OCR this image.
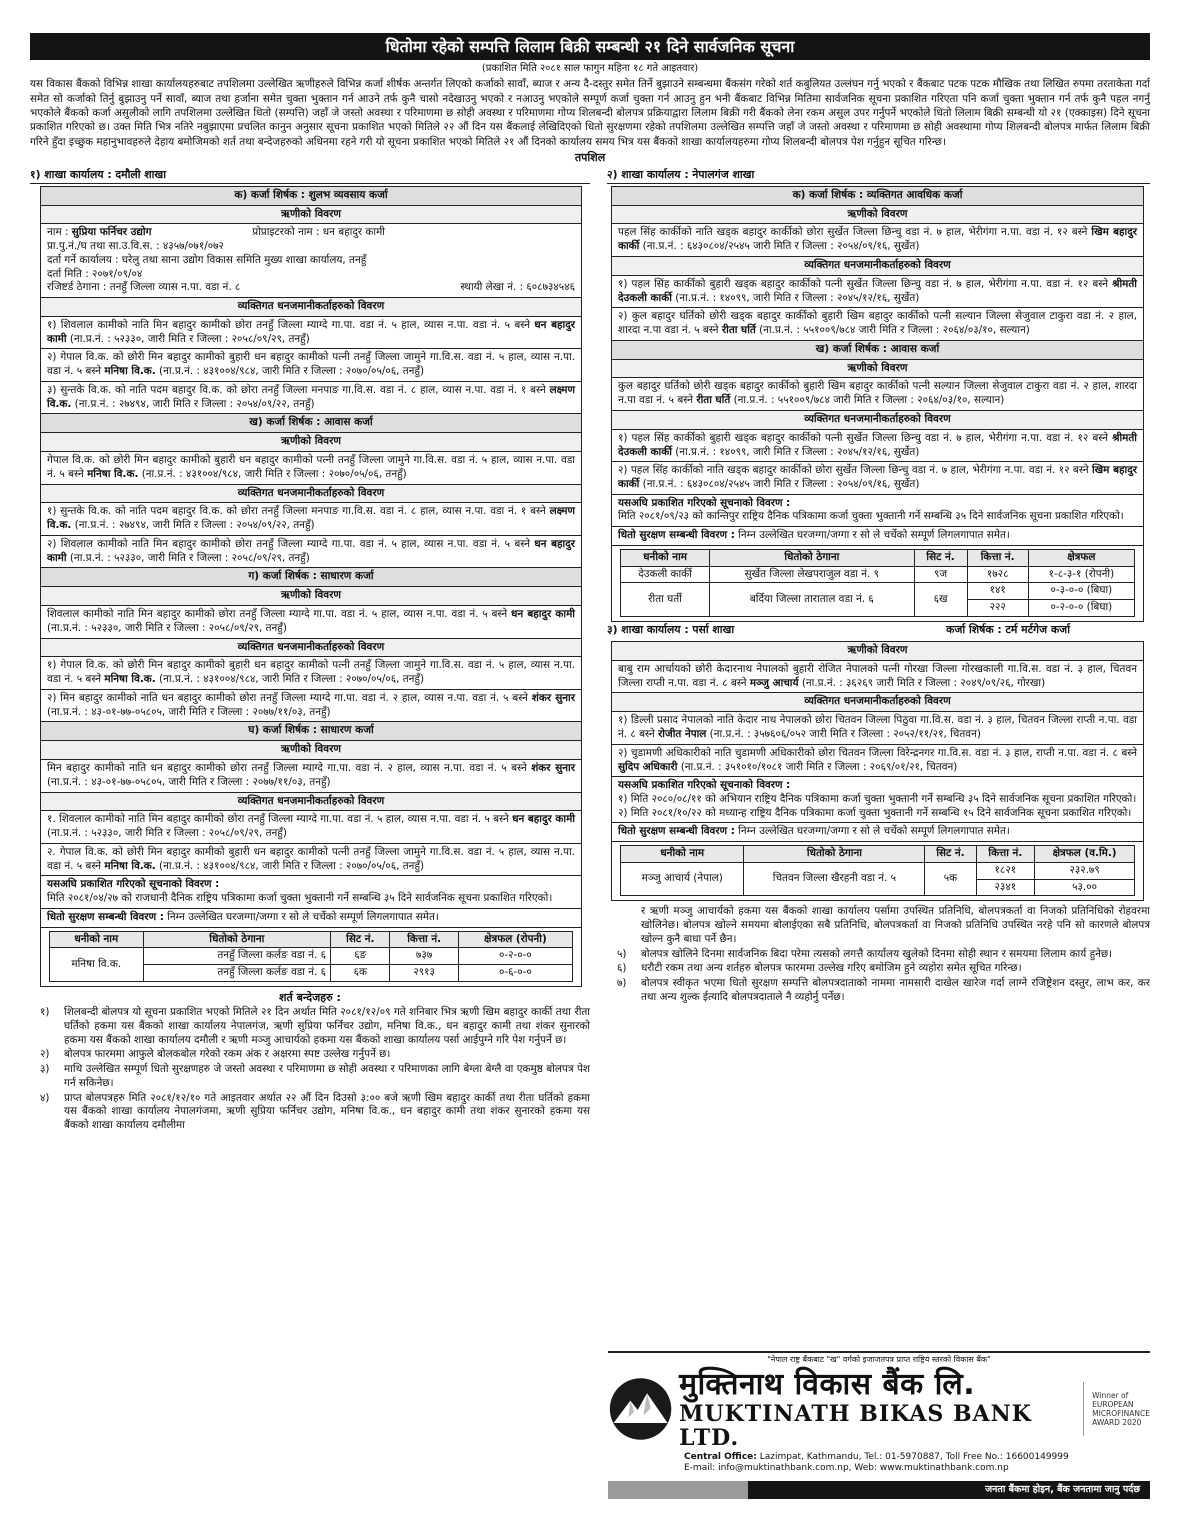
धितोमा रहेको सम्पत्ति लिलाम बिक्री सम्बन्धी २१ दिने सार्वजनिक सूचना
(प्रकाशित मिति २०८१ साल फागुन महिना १८ गते आइतवार)
यस विकास बैंकको विभिन्न शाखा कार्यालयहरुबाट तपशिलमा उल्लेखित ऋणीहरुले विभिन्न कर्जा शीर्षक अन्तर्गत लिएको कर्जाको सावाँ, ब्याज र अन्य दै-दस्तुर समेत तिर्ने बुझाउने सम्बन्धमा बैंकसंग गरेको शर्त कबुलियत उल्लंघन गर्नु भएको र बैंकबाट पटक पटक मौखिक तथा लिखित रुपमा तरताकेता गर्दा समेत सो कर्जाको तिर्नु बुझाउनु पर्ने सावाँ, ब्याज तथा हर्जाना समेत चुक्ता भुक्तान गर्न आउने तर्फ कुनै चासो नदेखाउनु भएको र नआउनु भएकोले सम्पूर्ण कर्जा चुक्ता गर्न आउनु हुन भनी बैंकबाट विभिन्न मितिमा सार्वजनिक सूचना प्रकाशित गरिएता पनि कर्जा चुक्ता भुक्तान गर्न तर्फ कुनै पहल नगर्नु भएकोले बैंकको कर्जा असुलीको लागि तपशिलमा उल्लेखित धितो (सम्पत्ति) जहाँ जे जस्तो अवस्था र परिमाणमा छ सोही अवस्था र परिमाणमा गोप्य शिलबन्दी बोलपत्र प्रक्रियाद्वारा लिलाम बिक्री गरी बैंकको लेना रकम असुल उपर गर्नुपर्ने भएकोले धितो लिलाम बिक्री सम्बन्धी यो २१ (एक्काइस) दिने सूचना प्रकाशित गरिएको छ। उक्त मिति भित्र नतिरे नबुझाएमा प्रचलित कानुन अनुसार सूचना प्रकाशित भएको मितिले २२ औं दिन यस बैंकलाई लेखिदिएको धितो सुरक्षणमा रहेको तपशिलमा उल्लेखित सम्पत्ति जहाँ जे जस्तो अवस्था र परिमाणमा छ सोही अवस्थामा गोप्य शिलबन्दी बोलपत्र मार्फत लिलाम बिक्री गरिने हुँदा इच्छुक महानुभावहरुले देहाय बमोजिमको शर्त तथा बन्देजहरुको अधिनमा रहने गरी यो सूचना प्रकाशित भएको मितिले २१ औं दिनको कार्यालय समय भित्र यस बैंकको शाखा कार्यालयहरुमा गोप्य शिलबन्दी बोलपत्र पेश गर्नुहुन सूचित गरिन्छ।
तपशिल
१) शाखा कार्यालय : दमौली शाखा
क) कर्जा शिर्षक : शुलभ व्यवसाय कर्जा
ऋणीको विवरण
नाम : सुप्रिया फर्निचर उद्योग	प्रोप्राइटरको नाम : धन बहादुर कामी
प्रा.पु.नं./घ तथा सा.उ.वि.स. : ४३५७/०७१/०७२
दर्ता गर्ने कार्यालय : घरेलु तथा साना उद्योग विकास समिति मुख्य शाखा कार्यालय, तनहुँ
दर्ता मिति : २०७१/०९/०४
रजिष्टर्ड ठेगाना : तनहुँ जिल्ला व्यास न.पा. वडा नं. ८	स्थायी लेखा नं. : ६०८७३४५४६
व्यक्तिगत धनजमानीकर्ताहरुको विवरण
१) शिवलाल कामीको नाति मिन बहादुर कामीको छोरा तनहुँ जिल्ला म्याग्दे गा.पा. वडा नं. ५ हाल, व्यास न.पा. वडा नं. ५ बस्ने धन बहादुर कामी (ना.प्र.नं. : ५२३३०, जारी मिति र जिल्ला : २०५८/०९/२९, तनहुँ)
२) गेपाल वि.क. को छोरी मिन बहादुर कामीको बुहारी धन बहादुर कामीको पत्नी तनहुँ जिल्ला जामुने गा.वि.स. वडा नं. ५ हाल, व्यास न.पा. वडा नं. ५ बस्ने मनिषा वि.क. (ना.प्र.नं. : ४३१००४/९८४, जारी मिति र जिल्ला : २०७०/०५/०६, तनहुँ)
३) सुन्तके वि.क. को नाति पदम बहादुर वि.क. को छोरा तनहुँ जिल्ला मनपाङ गा.वि.स. वडा नं. ८ हाल, व्यास न.पा. वडा नं. १ बस्ने लक्ष्मण वि.क. (ना.प्र.नं. : २७४९४, जारी मिति र जिल्ला : २०५४/०९/२२, तनहुँ)
ख) कर्जा शिर्षक : आवास कर्जा
ऋणीको विवरण
गेपाल वि.क. को छोरी मिन बहादुर कामीको बुहारी धन बहादुर कामीको पत्नी तनहुँ जिल्ला जामुने गा.वि.स. वडा नं. ५ हाल, व्यास न.पा. वडा नं. ५ बस्ने मनिषा वि.क. (ना.प्र.नं. : ४३१००४/९८४, जारी मिति र जिल्ला : २०७०/०५/०६, तनहुँ)
व्यक्तिगत धनजमानीकर्ताहरुको विवरण
१) सुन्तके वि.क. को नाति पदम बहादुर वि.क. को छोरा तनहुँ जिल्ला मनपाङ गा.वि.स. वडा नं. ८ हाल, व्यास न.पा. वडा नं. १ बस्ने लक्ष्मण वि.क. (ना.प्र.नं. : २७४९४, जारी मिति र जिल्ला : २०५४/०९/२२, तनहुँ)
२) शिवलाल कामीको नाति मिन बहादुर कामीको छोरा तनहुँ जिल्ला म्याग्दे गा.पा. वडा नं. ५ हाल, व्यास न.पा. वडा नं. ५ बस्ने धन बहादुर कामी (ना.प्र.नं. : ५२३३०, जारी मिति र जिल्ला : २०५८/०९/२९, तनहुँ)
ग) कर्जा शिर्षक : साधारण कर्जा
ऋणीको विवरण
शिवलाल कामीको नाति मिन बहादुर कामीको छोरा तनहुँ जिल्ला म्याग्दे गा.पा. वडा नं. ५ हाल, व्यास न.पा. वडा नं. ५ बस्ने धन बहादुर कामी (ना.प्र.नं. : ५२३३०, जारी मिति र जिल्ला : २०५८/०९/२९, तनहुँ)
व्यक्तिगत धनजमानीकर्ताहरुको विवरण
१) गेपाल वि.क. को छोरी मिन बहादुर कामीको बुहारी धन बहादुर कामीको पत्नी तनहुँ जिल्ला जामुने गा.वि.स. वडा नं. ५ हाल, व्यास न.पा. वडा नं. ५ बस्ने मनिषा वि.क. (ना.प्र.नं. : ४३१००४/९८४, जारी मिति र जिल्ला : २०७०/०५/०६, तनहुँ)
२) मिन बहादुर कामीको नाति धन बहादुर कामीको छोरा तनहुँ जिल्ला म्याग्दे गा.पा. वडा नं. २ हाल, व्यास न.पा. वडा नं. ५ बस्ने शंकर सुनार (ना.प्र.नं. : ४३-०१-७७-०५८०५, जारी मिति र जिल्ला : २०७७/११/०३, तनहुँ)
घ) कर्जा शिर्षक : साधारण कर्जा
ऋणीको विवरण
मिन बहादुर कामीको नाति धन बहादुर कामीको छोरा तनहुँ जिल्ला म्याग्दे गा.पा. वडा नं. २ हाल, व्यास न.पा. वडा नं. ५ बस्ने शंकर सुनार (ना.प्र.नं. : ४३-०१-७७-०५८०५, जारी मिति र जिल्ला : २०७७/११/०३, तनहुँ)
व्यक्तिगत धनजमानीकर्ताहरुको विवरण
१. शिवलाल कामीको नाति मिन बहादुर कामीको छोरा तनहुँ जिल्ला म्याग्दे गा.पा. वडा नं. ५ हाल, व्यास न.पा. वडा नं. ५ बस्ने धन बहादुर कामी (ना.प्र.नं. : ५२३३०, जारी मिति र जिल्ला : २०५८/०९/२९, तनहुँ)
२. गेपाल वि.क. को छोरी मिन बहादुर कामीको बुहारी धन बहादुर कामीको पत्नी तनहुँ जिल्ला जामुने गा.वि.स. वडा नं. ५ हाल, व्यास न.पा. वडा नं. ५ बस्ने मनिषा वि.क. (ना.प्र.नं. : ४३१००४/९८४, जारी मिति र जिल्ला : २०७०/०५/०६, तनहुँ)
यसअघि प्रकाशित गरिएको सूचनाको विवरण :
मिति २०८१/०४/२७ को राजधानी दैनिक राष्ट्रिय पत्रिकामा कर्जा चुक्ता भुक्तानी गर्ने सम्बन्धि ३५ दिने सार्वजनिक सूचना प्रकाशित गरिएको।
धितो सुरक्षण सम्बन्धी विवरण : निम्न उल्लेखित घरजग्गा/जग्गा र सो ले चर्चेको सम्पूर्ण लिगलगापात समेत।
धनीको नाम	धितोको ठेगाना	सिट नं.	कित्ता नं.	क्षेत्रफल (रोपनी)
मनिषा वि.क.	तनहुँ जिल्ला कर्लङ वडा नं. ६	६ङ	७३७	०-२-०-०
	तनहुँ जिल्ला कर्लङ वडा नं. ६	६क	२९१३	०-६-०-०
शर्त बन्देजहरु :
१)	शिलबन्दी बोलपत्र यो सूचना प्रकाशित भएको मितिले २१ दिन अर्थात मिति २०८१/१२/०९ गते शनिबार भित्र ऋणी खिम बहादुर कार्की तथा रीता घर्तिको हकमा यस बैंकको शाखा कार्यालय नेपालगंज, ऋणी सुप्रिया फर्निचर उद्योग, मनिषा वि.क., धन बहादुर कामी तथा शंकर सुनारको हकमा यस बैंकको शाखा कार्यालय दमौली र ऋणी मञ्जु आचार्यको हकमा यस बैंकको शाखा कार्यालय पर्सा आईपुग्ने गरि पेश गर्नुपर्ने छ।
२)	बोलपत्र फारममा आफुले बोलकबोल गरेको रकम अंक र अक्षरमा स्पष्ट उल्लेख गर्नुपर्ने छ।
३)	माथि उल्लेखित सम्पूर्ण धितो सुरक्षणहरु जे जस्तो अवस्था र परिमाणमा छ सोही अवस्था र परिमाणका लागि बेग्ला बेग्लै वा एकमुष्ठ बोलपत्र पेश गर्न सकिनेछ।
४)	प्राप्त बोलपत्रहरु मिति २०८१/१२/१० गते आइतवार अर्थात २२ औं दिन दिउसो ३:०० बजे ऋणी खिम बहादुर कार्की तथा रीता घर्तिको हकमा यस बैंकको शाखा कार्यालय नेपालगंजमा, ऋणी सुप्रिया फर्निचर उद्योग, मनिषा वि.क., धन बहादुर कामी तथा शंकर सुनारको हकमा यस बैंकको शाखा कार्यालय दमौलीमा
२) शाखा कार्यालय : नेपालगंज शाखा
क) कर्जा शिर्षक : व्यक्तिगत आवधिक कर्जा
ऋणीको विवरण
पहल सिंह कार्कीको नाति खड्क बहादुर कार्कीको छोरा सुर्खेत जिल्ला छिन्चु वडा नं. ७ हाल, भेरीगंगा न.पा. वडा नं. १२ बस्ने खिम बहादुर कार्की (ना.प्र.नं. : ६४३०८०४/२५४५ जारी मिति र जिल्ला : २०५४/०९/१६, सुर्खेत)
व्यक्तिगत धनजमानीकर्ताहरुको विवरण
१) पहल सिंह कार्कीको बुहारी खड्क बहादुर कार्कीको पत्नी सुर्खेत जिल्ला छिन्चु वडा नं. ७ हाल, भेरीगंगा न.पा. वडा नं. १२ बस्ने श्रीमती देउकली कार्की (ना.प्र.नं. : १४०९९, जारी मिति र जिल्ला : २०४५/१२/१६, सुर्खेत)
२) कुल बहादुर घर्तिको छोरी खड्क बहादुर कार्कीको बुहारी खिम बहादुर कार्कीको पत्नी सल्यान जिल्ला सेजुवाल टाकुरा वडा नं. २ हाल, शारदा न.पा वडा नं. ५ बस्ने रीता घर्ति (ना.प्र.नं. : ५५१००९/७८४ जारी मिति र जिल्ला : २०६४/०३/१०, सल्यान)
ख) कर्जा शिर्षक : आवास कर्जा
ऋणीको विवरण
कुल बहादुर घर्तिको छोरी खड्क बहादुर कार्कीको बुहारी खिम बहादुर कार्कीको पत्नी सल्यान जिल्ला सेजुवाल टाकुरा वडा नं. २ हाल, शारदा न.पा वडा नं. ५ बस्ने रीता घर्ति (ना.प्र.नं. : ५५१००९/७८४ जारी मिति र जिल्ला : २०६४/०३/१०, सल्यान)
व्यक्तिगत धनजमानीकर्ताहरुको विवरण
१) पहल सिंह कार्कीको बुहारी खड्क बहादुर कार्कीको पत्नी सुर्खेत जिल्ला छिन्चु वडा नं. ७ हाल, भेरीगंगा न.पा. वडा नं. १२ बस्ने श्रीमती देउकली कार्की (ना.प्र.नं. : १४०९९, जारी मिति र जिल्ला : २०४५/१२/१६, सुर्खेत)
२) पहल सिंह कार्कीको नाति खड्क बहादुर कार्कीको छोरा सुर्खेत जिल्ला छिन्चु वडा नं. ७ हाल, भेरीगंगा न.पा. वडा नं. १२ बस्ने खिम बहादुर कार्की (ना.प्र.नं. : ६४३०८०४/२५४५ जारी मिति र जिल्ला : २०५४/०९/१६, सुर्खेत)
यसअघि प्रकाशित गरिएको सूचनाको विवरण :
मिति २०८१/०९/२३ को कान्तिपुर राष्ट्रिय दैनिक पत्रिकामा कर्जा चुक्ता भुक्तानी गर्ने सम्बन्धि ३५ दिने सार्वजनिक सूचना प्रकाशित गरिएको।
धितो सुरक्षण सम्बन्धी विवरण : निम्न उल्लेखित घरजग्गा/जग्गा र सो ले चर्चेको सम्पूर्ण लिगलगापात समेत।
धनीको नाम	धितोको ठेगाना	सिट नं.	कित्ता नं.	क्षेत्रफल
देउकली कार्की	सुर्खेत जिल्ला लेखपराजुल वडा नं. ९	९ज	१७२८	१-८-३-१ (रोपनी)
रीता घर्ती	बर्दिया जिल्ला ताराताल वडा नं. ६	६ख	१४१	०-३-०-० (बिघा)
			२२२	०-२-०-० (बिघा)
३) शाखा कार्यालय : पर्सा शाखा	कर्जा शिर्षक : टर्म मर्टगेज कर्जा
ऋणीको विवरण
बाबु राम आर्चायको छोरी केदारनाथ नेपालको बुहारी रोजित नेपालको पत्नी गोरखा जिल्ला गोरखकाली गा.वि.स. वडा नं. ३ हाल, चितवन जिल्ला राप्ती न.पा. वडा नं. ८ बस्ने मञ्जु आचार्य (ना.प्र.नं. : ३६२६९ जारी मिति र जिल्ला : २०४९/०९/२६, गोरखा)
व्यक्तिगत धनजमानीकर्ताहरुको विवरण
१) डिल्ली प्रसाद नेपालको नाति केदार नाथ नेपालको छोरा चितवन जिल्ला पिठुवा गा.वि.स. वडा नं. ३ हाल, चितवन जिल्ला राप्ती न.पा. वडा नं. ८ बस्ने रोजीत नेपाल (ना.प्र.नं. : ३५७६०६/०५२ जारी मिति र जिल्ला : २०५२/११/२१, चितवन)
२) चुडामणी अधिकारीको नाति चुडामणी अधिकारीको छोरा चितवन जिल्ला विरेन्द्रनगर गा.वि.स. वडा नं. ३ हाल, राप्ती न.पा. वडा नं. ८ बस्ने सुदिप अधिकारी (ना.प्र.नं. : ३५१०१०/१०८१ जारी मिति र जिल्ला : २०६९/०१/२१, चितवन)
यसअघि प्रकाशित गरिएको सूचनाको विवरण :
१) मिति २०८०/०८/११ को अभियान राष्ट्रिय दैनिक पत्रिकामा कर्जा चुक्ता भुक्तानी गर्ने सम्बन्धि ३५ दिने सार्वजनिक सूचना प्रकाशित गरिएको।
२) मिति २०८१/१०/२२ को मध्यान्ह राष्ट्रिय दैनिक पत्रिकामा कर्जा चुक्ता भुक्तानी गर्ने सम्बन्धि १५ दिने सार्वजनिक सूचना प्रकाशित गरिएको।
धितो सुरक्षण सम्बन्धी विवरण : निम्न उल्लेखित घरजग्गा/जग्गा र सो ले चर्चेको सम्पूर्ण लिगलगापात समेत।
धनीको नाम	धितोको ठेगाना	सिट नं.	कित्ता नं.	क्षेत्रफल (व.मि.)
मञ्जु आचार्य (नेपाल)	चितवन जिल्ला खैरहनी वडा नं. ५	५क	१८२१	२३२.७९
			२३४१	५३.००
र ऋणी मञ्जु आचार्यको हकमा यस बैंकको शाखा कार्यालय पर्सामा उपस्थित प्रतिनिधि, बोलपत्रकर्ता वा निजको प्रतिनिधिको रोहवरमा खोलिनेछ। बोलपत्र खोल्ने समयमा बोलाईएका सबै प्रतिनिधि, बोलपत्रकर्ता वा निजको प्रतिनिधि उपस्थित नरहे पनि सो कारणले बोलपत्र खोल्न कुनै बाधा पर्ने छैन।
५)	बोलपत्र खोलिने दिनमा सार्वजनिक बिदा परेमा त्यसको लगत्तै कार्यालय खुलेको दिनमा सोही स्थान र समयमा लिलाम कार्य हुनेछ।
६)	धरौटी रकम तथा अन्य शर्तहरु बोलपत्र फारममा उल्लेख गरिए बमोजिम हुने व्यहोरा समेत सूचित गरिन्छ।
७)	बोलपत्र स्वीकृत भएमा धितो सुरक्षण सम्पत्ति बोलपत्रदाताको नाममा नामसारी दाखेल खारेज गर्दा लाग्ने रजिष्ट्रेशन दस्तुर, लाभ कर, कर तथा अन्य शुल्क ईत्यादि बोलपत्रदाताले नै व्यहोर्नु पर्नेछ।
"नेपाल राष्ट्र बैंकबाट "ख" वर्गको इजाजतपत्र प्राप्त राष्ट्रिय स्तरको विकास बैंक"
मुक्तिनाथ विकास बैंक लि.
MUKTINATH BIKAS BANK LTD.
Winner of
EUROPEAN
MICROFINANCE
AWARD 2020
Central Office: Lazimpat, Kathmandu, Tel.: 01-5970887, Toll Free No.: 16600149999
E-mail: info@muktinathbank.com.np, Web: www.muktinathbank.com.np
जनता बैंकमा होइन, बैंक जनतामा जानु पर्दछ
